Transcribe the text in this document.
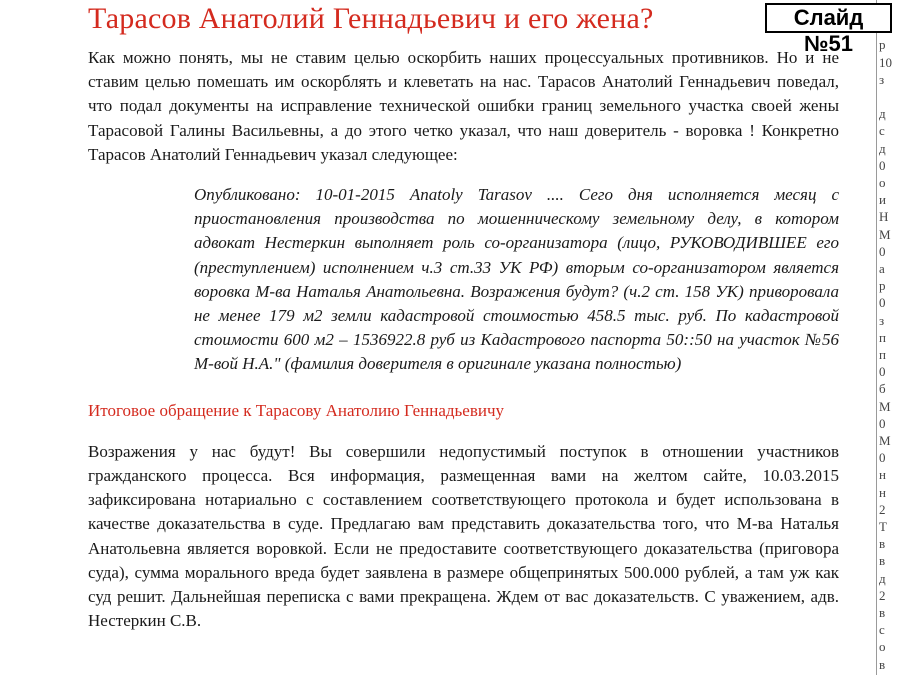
Тарасов Анатолий Геннадьевич и его жена?	Слайд №51

Как можно понять, мы не ставим целью оскорбить наших процессуальных противников. Но и не ставим целью помешать им оскорблять и клеветать на нас. Тарасов Анатолий Геннадьевич поведал, что подал документы на исправление технической ошибки границ земельного участка своей жены Тарасовой Галины Васильевны, а до этого четко указал, что наш доверитель - воровка ! Конкретно Тарасов Анатолий Геннадьевич указал следующее:

Опубликовано: 10-01-2015 Anatoly Tarasov .... Сего дня исполняется месяц с приостановления производства по мошенническому земельному делу, в котором адвокат Нестеркин выполняет роль со-организатора (лицо, РУКОВОДИВШЕЕ его (преступлением) исполнением ч.3 ст.33 УК РФ) вторым со-организатором является воровка М-ва Наталья Анатольевна. Возражения будут? (ч.2 ст. 158 УК) приворовала не менее 179 м2 земли кадастровой стоимостью 458.5 тыс. руб. По кадастровой стоимости 600 м2 – 1536922.8 руб из Кадастрового паспорта 50::50 на участок №56 М-вой Н.А." (фамилия доверителя в оригинале указана полностью)

Итоговое обращение к Тарасову Анатолию Геннадьевичу

Возражения у нас будут! Вы совершили недопустимый поступок в отношении участников гражданского процесса. Вся информация, размещенная вами на желтом сайте, 10.03.2015 зафиксирована нотариально с составлением соответствующего протокола и будет использована в качестве доказательства в суде. Предлагаю вам представить доказательства того, что М-ва Наталья Анатольевна является воровкой. Если не предоставите соответствующего доказательства (приговора суда), сумма морального вреда будет заявлена в размере общепринятых 500.000 рублей, а там уж как суд решит. Дальнейшая переписка с вами прекращена. Ждем от вас доказательств. С уважением, адв. Нестеркин С.В.

р
10
з
д
с
д
0
о
и
Н
М
0
а
р
0
з
п
п
0
б
М
0
М
0
н
н
2
Т
в
в
д
2
в
с
о
в
